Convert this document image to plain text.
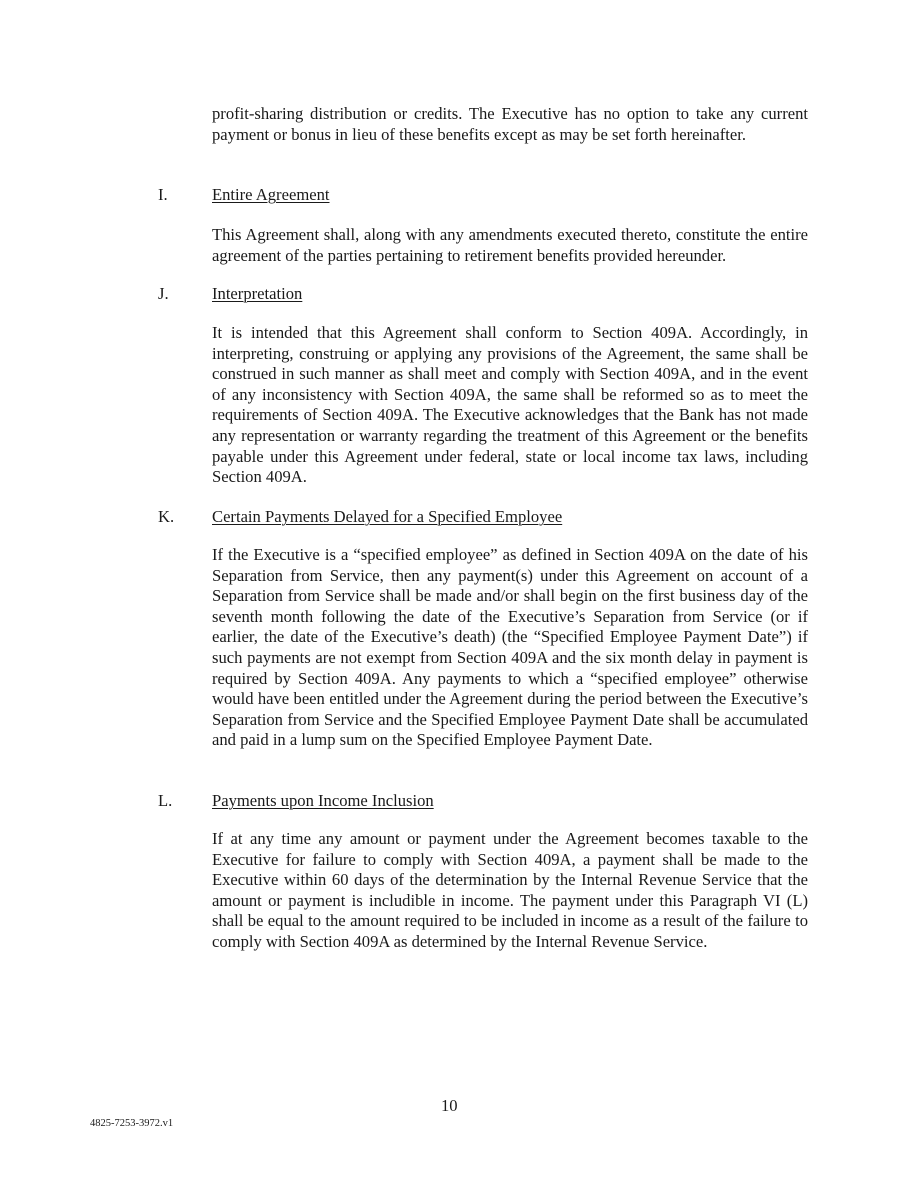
profit-sharing distribution or credits. The Executive has no option to take any current payment or bonus in lieu of these benefits except as may be set forth hereinafter.

I.	Entire Agreement

This Agreement shall, along with any amendments executed thereto, constitute the entire agreement of the parties pertaining to retirement benefits provided hereunder.

J.	Interpretation

It is intended that this Agreement shall conform to Section 409A. Accordingly, in interpreting, construing or applying any provisions of the Agreement, the same shall be construed in such manner as shall meet and comply with Section 409A, and in the event of any inconsistency with Section 409A, the same shall be reformed so as to meet the requirements of Section 409A. The Executive acknowledges that the Bank has not made any representation or warranty regarding the treatment of this Agreement or the benefits payable under this Agreement under federal, state or local income tax laws, including Section 409A.

K. Certain Payments Delayed for a Specified Employee

If the Executive is a “specified employee” as defined in Section 409A on the date of his Separation from Service, then any payment(s) under this Agreement on account of a Separation from Service shall be made and/or shall begin on the first business day of the seventh month following the date of the Executive’s Separation from Service (or if earlier, the date of the Executive’s death) (the “Specified Employee Payment Date”) if such payments are not exempt from Section 409A and the six month delay in payment is required by Section 409A. Any payments to which a “specified employee” otherwise would have been entitled under the Agreement during the period between the Executive’s Separation from Service and the Specified Employee Payment Date shall be accumulated and paid in a lump sum on the Specified Employee Payment Date.

L. Payments upon Income Inclusion

If at any time any amount or payment under the Agreement becomes taxable to the Executive for failure to comply with Section 409A, a payment shall be made to the Executive within 60 days of the determination by the Internal Revenue Service that the amount or payment is includible in income. The payment under this Paragraph VI (L) shall be equal to the amount required to be included in income as a result of the failure to comply with Section 409A as determined by the Internal Revenue Service.

10
4825-7253-3972.v1
